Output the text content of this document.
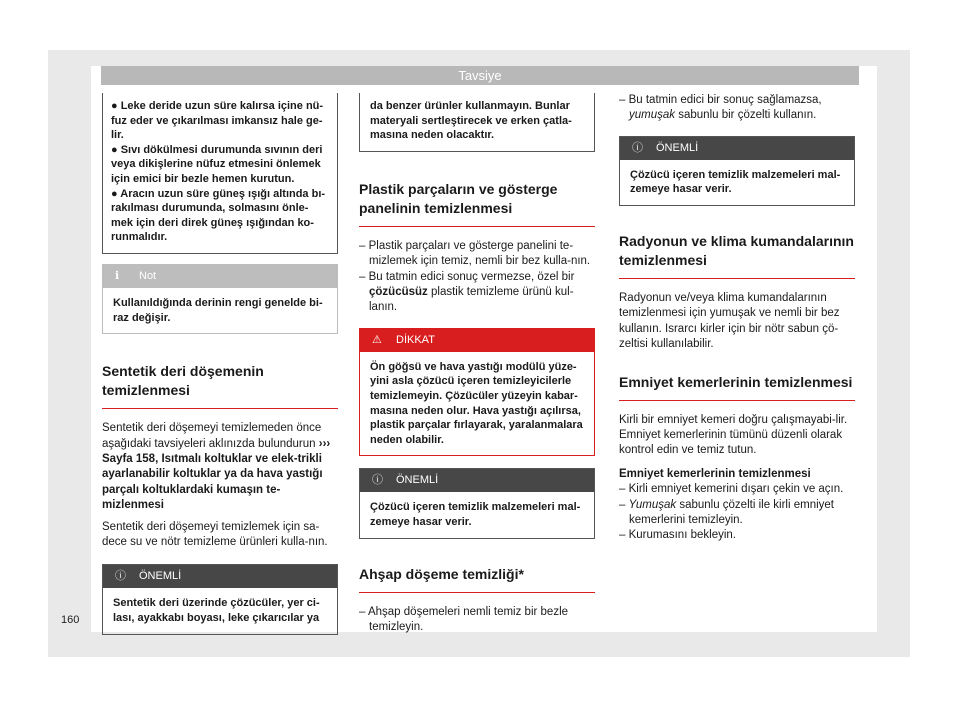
Tavsiye
160

● Leke deride uzun süre kalırsa içine nü-fuz eder ve çıkarılması imkansız hale ge-lir.

● Sıvı dökülmesi durumunda sıvının deri veya dikişlerine nüfuz etmesini önlemek için emici bir bezle hemen kurutun.

● Aracın uzun süre güneş ışığı altında bı-rakılması durumunda, solmasını önle-mek için deri direk güneş ışığından ko-runmalıdır.

ℹ Not
Kullanıldığında derinin rengi genelde bi-raz değişir.
Sentetik deri döşemenin temizlenmesi

Sentetik deri döşemeyi temizlemeden önce aşağıdaki tavsiyeleri aklınızda bulundurun ››› Sayfa 158, Isıtmalı koltuklar ve elek-trikli ayarlanabilir koltuklar ya da hava yastığı parçalı koltuklardaki kumaşın te-mizlenmesi

Sentetik deri döşemeyi temizlemek için sa-dece su ve nötr temizleme ürünleri kulla-nın.

ⓘ ÖNEMLİ
Sentetik deri üzerinde çözücüler, yer ci-lası, ayakkabı boyası, leke çıkarıcılar ya
da benzer ürünler kullanmayın. Bunlar materyali sertleştirecek ve erken çatla-masına neden olacaktır.
Plastik parçaların ve gösterge panelinin temizlenmesi

– Plastik parçaları ve gösterge panelini te-mizlemek için temiz, nemli bir bez kulla-nın.

– Bu tatmin edici sonuç vermezse, özel bir çözücüsüz plastik temizleme ürünü kul-lanın.

⚠ DİKKAT
Ön göğsü ve hava yastığı modülü yüze-yini asla çözücü içeren temizleyicilerle temizlemeyin. Çözücüler yüzeyin kabar-masına neden olur. Hava yastığı açılırsa, plastik parçalar fırlayarak, yaralanmalara neden olabilir.
ⓘ ÖNEMLİ
Çözücü içeren temizlik malzemeleri mal-zemeye hasar verir.
Ahşap döşeme temizliği*

– Ahşap döşemeleri nemli temiz bir bezle temizleyin.

– Bu tatmin edici bir sonuç sağlamazsa, yumuşak sabunlu bir çözelti kullanın.

ⓘ ÖNEMLİ
Çözücü içeren temizlik malzemeleri mal-zemeye hasar verir.
Radyonun ve klima kumandalarının temizlenmesi

Radyonun ve/veya klima kumandalarının temizlenmesi için yumuşak ve nemli bir bez kullanın. Israrcı kirler için bir nötr sabun çö-zeltisi kullanılabilir.

Emniyet kemerlerinin temizlenmesi

Kirli bir emniyet kemeri doğru çalışmayabi-lir. Emniyet kemerlerinin tümünü düzenli olarak kontrol edin ve temiz tutun.

Emniyet kemerlerinin temizlenmesi

– Kirli emniyet kemerini dışarı çekin ve açın.

– Yumuşak sabunlu çözelti ile kirli emniyet kemerlerini temizleyin.

– Kurumasını bekleyin.
